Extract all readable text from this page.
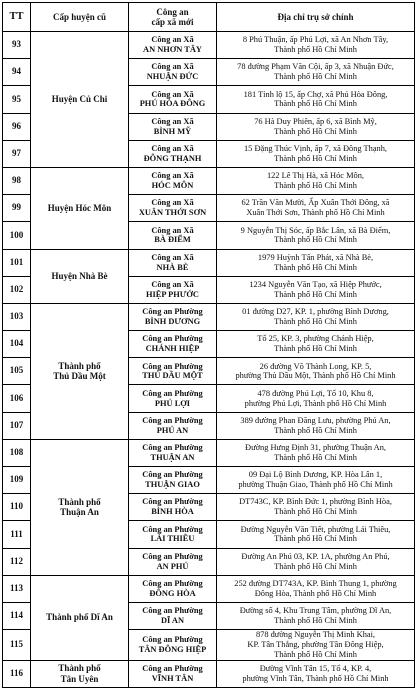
TT	Cấp huyện cũ	Công an
cấp xã mới	Địa chỉ trụ sở chính
93	Huyện Củ Chi	Công an Xã
AN NHƠN TÂY	8 Phú Thuận, ấp Phú Lợi, xã An Nhơn Tây,
Thành phố Hồ Chí Minh

94		Công an Xã
NHUẬN ĐỨC	78 đường Phạm Văn Cội, ấp 3, xã Nhuận Đức,
Thành phố Hồ Chí Minh

95		Công an Xã
PHÚ HÒA ĐÔNG	181 Tỉnh lộ 15, ấp Chợ, xã Phú Hòa Đông,
Thành phố Hồ Chí Minh

96		Công an Xã
BÌNH MỸ	76 Hà Duy Phiên, ấp 6, xã Bình Mỹ,
Thành phố Hồ Chí Minh

97		Công an Xã
ĐÔNG THẠNH	15 Đặng Thúc Vịnh, ấp 7, xã Đông Thạnh,
Thành phố Hồ Chí Minh

98	Huyện Hóc Môn	Công an Xã
HÓC MÔN	122 Lê Thị Hà, xã Hóc Môn,
Thành phố Hồ Chí Minh

99		Công an Xã
XUÂN THỚI SƠN	62 Trần Văn Mười, Ấp Xuân Thới Đông, xã
Xuân Thới Sơn, Thành phố Hồ Chí Minh

100		Công an Xã
BÀ ĐIỂM	9 Nguyễn Thị Sóc, ấp Bắc Lân, xã Bà Điểm,
Thành phố Hồ Chí Minh

101	Huyện Nhà Bè	Công an Xã
NHÀ BÈ	1979 Huỳnh Tấn Phát, xã Nhà Bè,
Thành phố Hồ Chí Minh

102		Công an Xã
HIỆP PHƯỚC	1234 Nguyễn Văn Tạo, xã Hiệp Phước,
Thành phố Hồ Chí Minh

103	Thành phố
Thủ Dầu Một	Công an Phường
BÌNH DƯƠNG	01 đường D27, KP. 1, phường Bình Dương,
Thành phố Hồ Chí Minh

104		Công an Phường
CHÁNH HIỆP	Tổ 25, KP. 3, phường Chánh Hiệp,
Thành phố Hồ Chí Minh

105		Công an Phường
THỦ DẦU MỘT	26 đường Võ Thành Long, KP. 5,
phường Thủ Dầu Một, Thành phố Hồ Chí Minh

106		Công an Phường
PHÚ LỢI	478 đường Phú Lợi, Tổ 10, Khu 8,
phường Phú Lợi, Thành phố Hồ Chí Minh

107		Công an Phường
PHÚ AN	389 đường Phan Đăng Lưu, phường Phú An,
Thành phố Hồ Chí Minh

108	Thành phố
Thuận An	Công an Phường
THUẬN AN	Đường Hưng Định 31, phường Thuận An,
Thành phố Hồ Chí Minh

109		Công an Phường
THUẬN GIAO	09 Đại Lộ Bình Dương, KP. Hòa Lân 1,
phường Thuận Giao, Thành phố Hồ Chí Minh

110		Công an Phường
BÌNH HÒA	DT743C, KP. Bình Đức 1, phường Bình Hòa,
Thành phố Hồ Chí Minh

111		Công an Phường
LÁI THIÊU	Đường Nguyễn Văn Tiết, phường Lái Thiêu,
Thành phố Hồ Chí Minh

112		Công an Phường
AN PHÚ	Đường An Phú 03, KP. 1A, phường An Phú,
Thành phố Hồ Chí Minh

113	Thành phố Dĩ An	Công an Phường
ĐÔNG HÒA	252 đường DT743A, KP. Bình Thung 1, phường
Đông Hòa, Thành phố Hồ Chí Minh

114		Công an Phường
DĨ AN	Đường số 4, Khu Trung Tâm, phường Dĩ An,
Thành phố Hồ Chí Minh

115		Công an Phường
TÂN ĐÔNG HIỆP	878 đường Nguyễn Thị Minh Khai,
KP. Tân Thắng, phường Tân Đông Hiệp,
Thành phố Hồ Chí Minh

116	Thành phố
Tân Uyên	Công an Phường
VĨNH TÂN	Đường Vĩnh Tân 15, Tổ 4, KP. 4,
phường Vĩnh Tân, Thành phố Hồ Chí Minh
